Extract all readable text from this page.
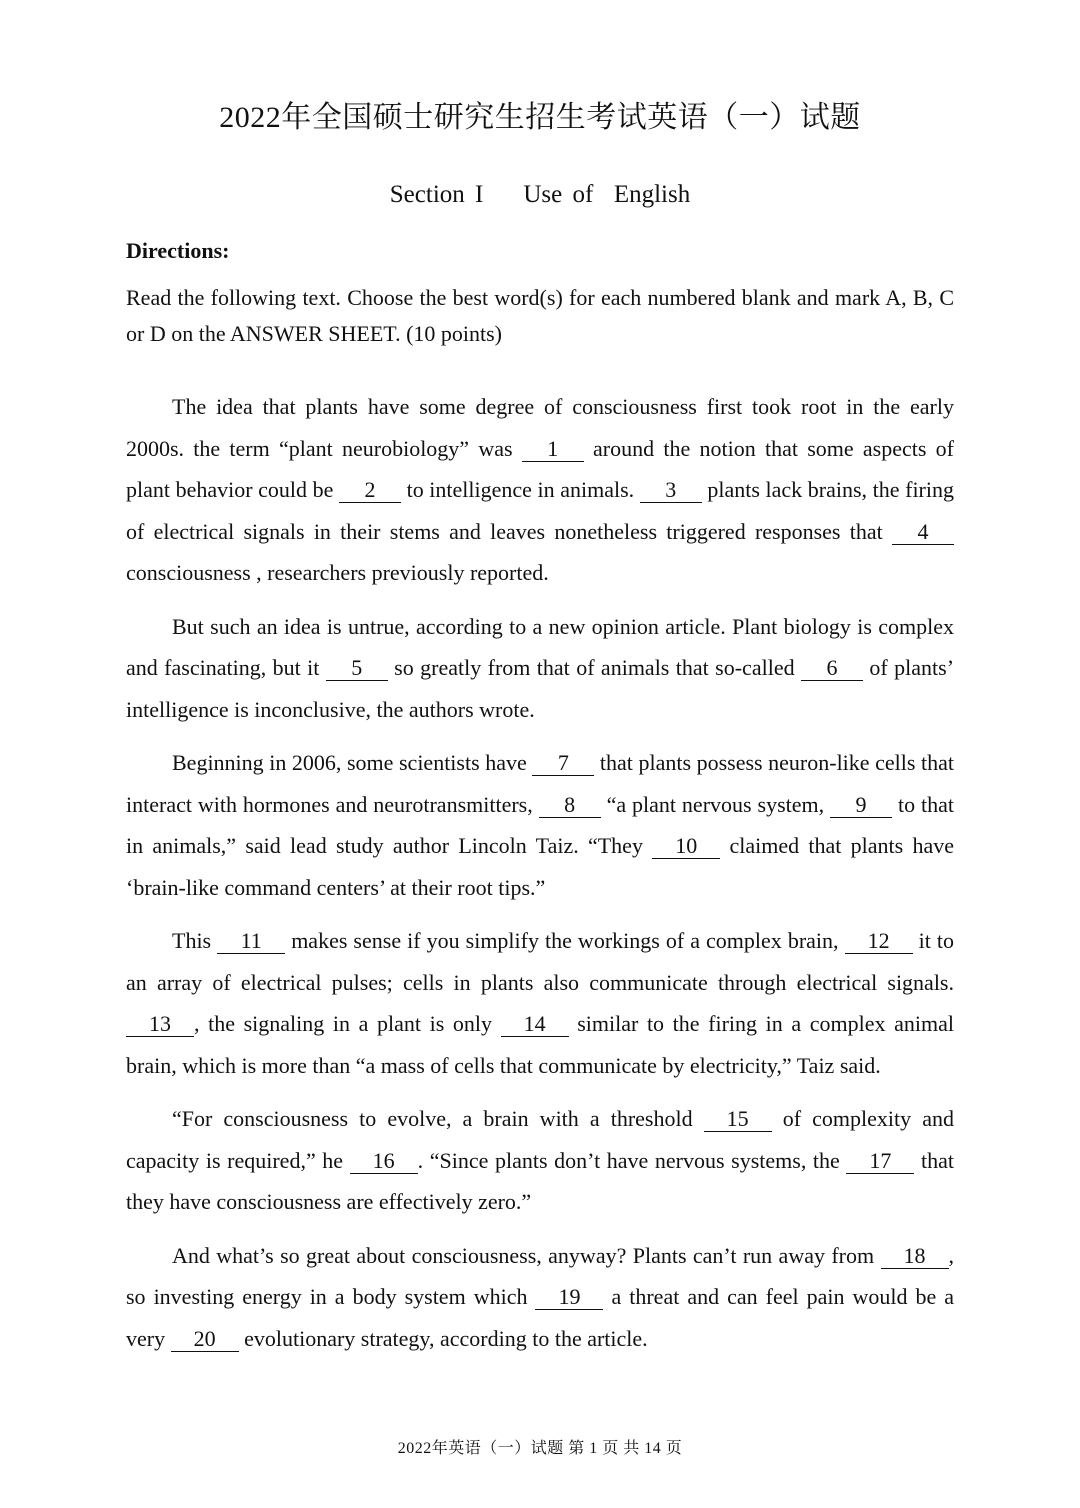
2022年全国硕士研究生招生考试英语（一）试题
Section I Use of  English
Directions:
Read the following text. Choose the best word(s) for each numbered blank and mark A, B, C or D on the ANSWER SHEET. (10 points)

The idea that plants have some degree of consciousness first took root in the early 2000s. the term “plant neurobiology” was 1 around the notion that some aspects of plant behavior could be 2 to intelligence in animals. 3 plants lack brains, the firing of electrical signals in their stems and leaves nonetheless triggered responses that 4 consciousness , researchers previously reported.

But such an idea is untrue, according to a new opinion article. Plant biology is complex and fascinating, but it 5 so greatly from that of animals that so-called 6 of plants’ intelligence is inconclusive, the authors wrote.

Beginning in 2006, some scientists have 7 that plants possess neuron-like cells that interact with hormones and neurotransmitters, 8 “a plant nervous system, 9 to that in animals,” said lead study author Lincoln Taiz. “They 10 claimed that plants have ‘brain-like command centers’ at their root tips.”

This 11 makes sense if you simplify the workings of a complex brain, 12 it to an array of electrical pulses; cells in plants also communicate through electrical signals. 13 , the signaling in a plant is only 14 similar to the firing in a complex animal brain, which is more than “a mass of cells that communicate by electricity,” Taiz said.

“For consciousness to evolve, a brain with a threshold 15 of complexity and capacity is required,” he 16 . “Since plants don’t have nervous systems, the 17 that they have consciousness are effectively zero.”

And what’s so great about consciousness, anyway? Plants can’t run away from 18 , so investing energy in a body system which 19 a threat and can feel pain would be a very 20 evolutionary strategy, according to the article.

2022年英语（一）试题 第 1 页 共 14 页
